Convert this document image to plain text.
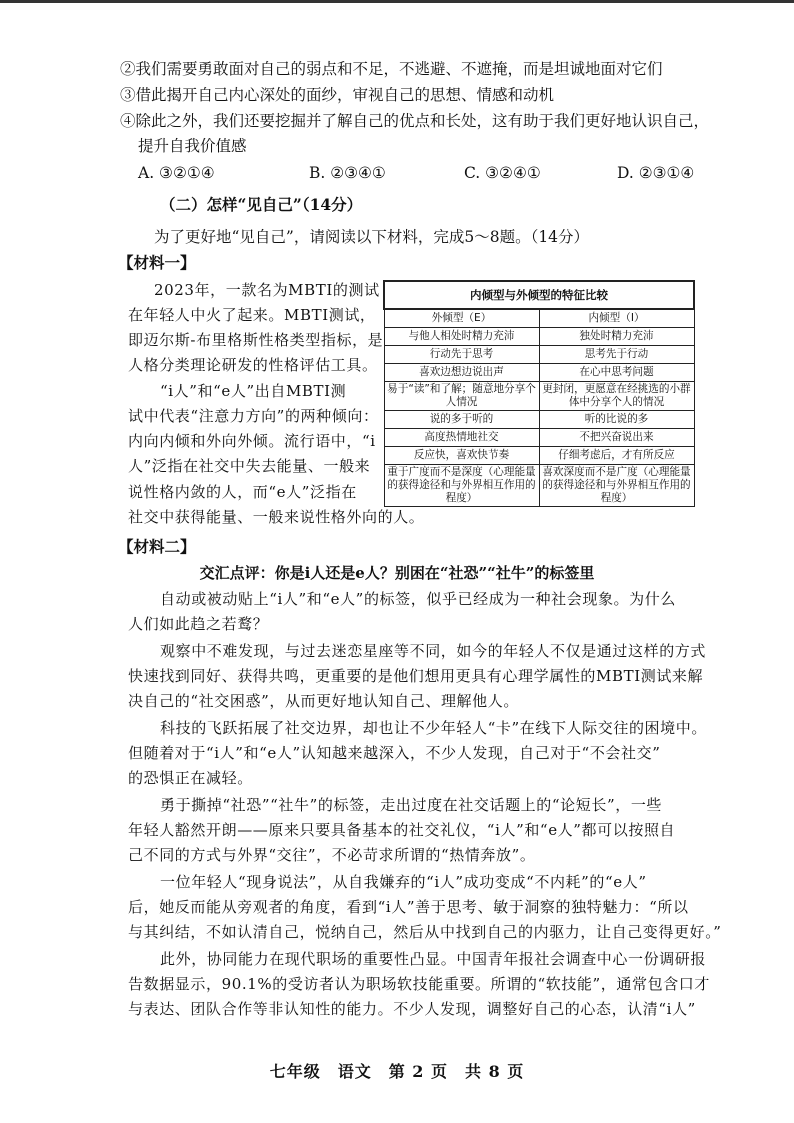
②我们需要勇敢面对自己的弱点和不足，不逃避、不遮掩，而是坦诚地面对它们
③借此揭开自己内心深处的面纱，审视自己的思想、情感和动机
④除此之外，我们还要挖掘并了解自己的优点和长处，这有助于我们更好地认识自己，
提升自我价值感
A. ③②①④	B. ②③④①	C. ③②④①	D. ②③①④
（二）怎样“见自己”（14分）
为了更好地“见自己”，请阅读以下材料，完成5～8题。（14分）
【材料一】
2023年，一款名为MBTI的测试
在年轻人中火了起来。MBTI测试，
即迈尔斯-布里格斯性格类型指标，是
人格分类理论研发的性格评估工具。
“i人”和“e人”出自MBTI测
试中代表“注意力方向”的两种倾向：
内向内倾和外向外倾。流行语中，“i
人”泛指在社交中失去能量、一般来
说性格内敛的人，而“e人”泛指在
社交中获得能量、一般来说性格外向的人。
内倾型与外倾型的特征比较	
外倾型（E）	内倾型（I）
与他人相处时精力充沛	独处时精力充沛
行动先于思考	思考先于行动
喜欢边想边说出声	在心中思考问题
易于“读”和了解；随意地分享个人情况	更封闭，更愿意在经挑选的小群体中分享个人的情况
说的多于听的	听的比说的多
高度热情地社交	不把兴奋说出来
反应快，喜欢快节奏	仔细考虑后，才有所反应
重于广度而不是深度（心理能量的获得途径和与外界相互作用的程度）	喜欢深度而不是广度（心理能量的获得途径和与外界相互作用的程度）
【材料二】
交汇点评：你是i人还是e人？别困在“社恐”“社牛”的标签里
自动或被动贴上“i人”和“e人”的标签，似乎已经成为一种社会现象。为什么
人们如此趋之若鹜？
观察中不难发现，与过去迷恋星座等不同，如今的年轻人不仅是通过这样的方式
快速找到同好、获得共鸣，更重要的是他们想用更具有心理学属性的MBTI测试来解
决自己的“社交困惑”，从而更好地认知自己、理解他人。
科技的飞跃拓展了社交边界，却也让不少年轻人“卡”在线下人际交往的困境中。
但随着对于“i人”和“e人”认知越来越深入，不少人发现，自己对于“不会社交”
的恐惧正在减轻。
勇于撕掉“社恐”“社牛”的标签，走出过度在社交话题上的“论短长”，一些
年轻人豁然开朗——原来只要具备基本的社交礼仪，“i人”和“e人”都可以按照自
己不同的方式与外界“交往”，不必苛求所谓的“热情奔放”。
一位年轻人“现身说法”，从自我嫌弃的“i人”成功变成“不内耗”的“e人”
后，她反而能从旁观者的角度，看到“i人”善于思考、敏于洞察的独特魅力：“所以
与其纠结，不如认清自己，悦纳自己，然后从中找到自己的内驱力，让自己变得更好。”
此外，协同能力在现代职场的重要性凸显。中国青年报社会调查中心一份调研报
告数据显示，90.1%的受访者认为职场软技能重要。所谓的“软技能”，通常包含口才
与表达、团队合作等非认知性的能力。不少人发现，调整好自己的心态，认清“i人”
七年级　语文　第 2 页　共 8 页
